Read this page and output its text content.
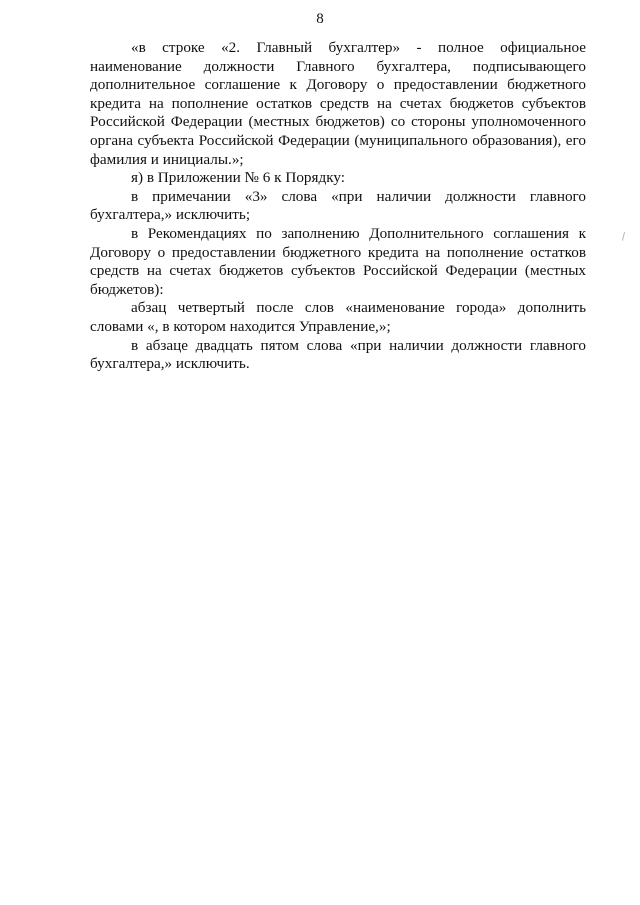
8

«в строке «2. Главный бухгалтер» - полное официальное наименование должности Главного бухгалтера, подписывающего дополнительное соглашение к Договору о предоставлении бюджетного кредита на пополнение остатков средств на счетах бюджетов субъектов Российской Федерации (местных бюджетов) со стороны уполномоченного органа субъекта Российской Федерации (муниципального образования), его фамилия и инициалы.»;

я) в Приложении № 6 к Порядку:

в примечании «3» слова «при наличии должности главного бухгалтера,» исключить;

в Рекомендациях по заполнению Дополнительного соглашения к Договору о предоставлении бюджетного кредита на пополнение остатков средств на счетах бюджетов субъектов Российской Федерации (местных бюджетов):

абзац четвертый после слов «наименование города» дополнить словами «, в котором находится Управление,»;

в абзаце двадцать пятом слова «при наличии должности главного бухгалтера,» исключить.
